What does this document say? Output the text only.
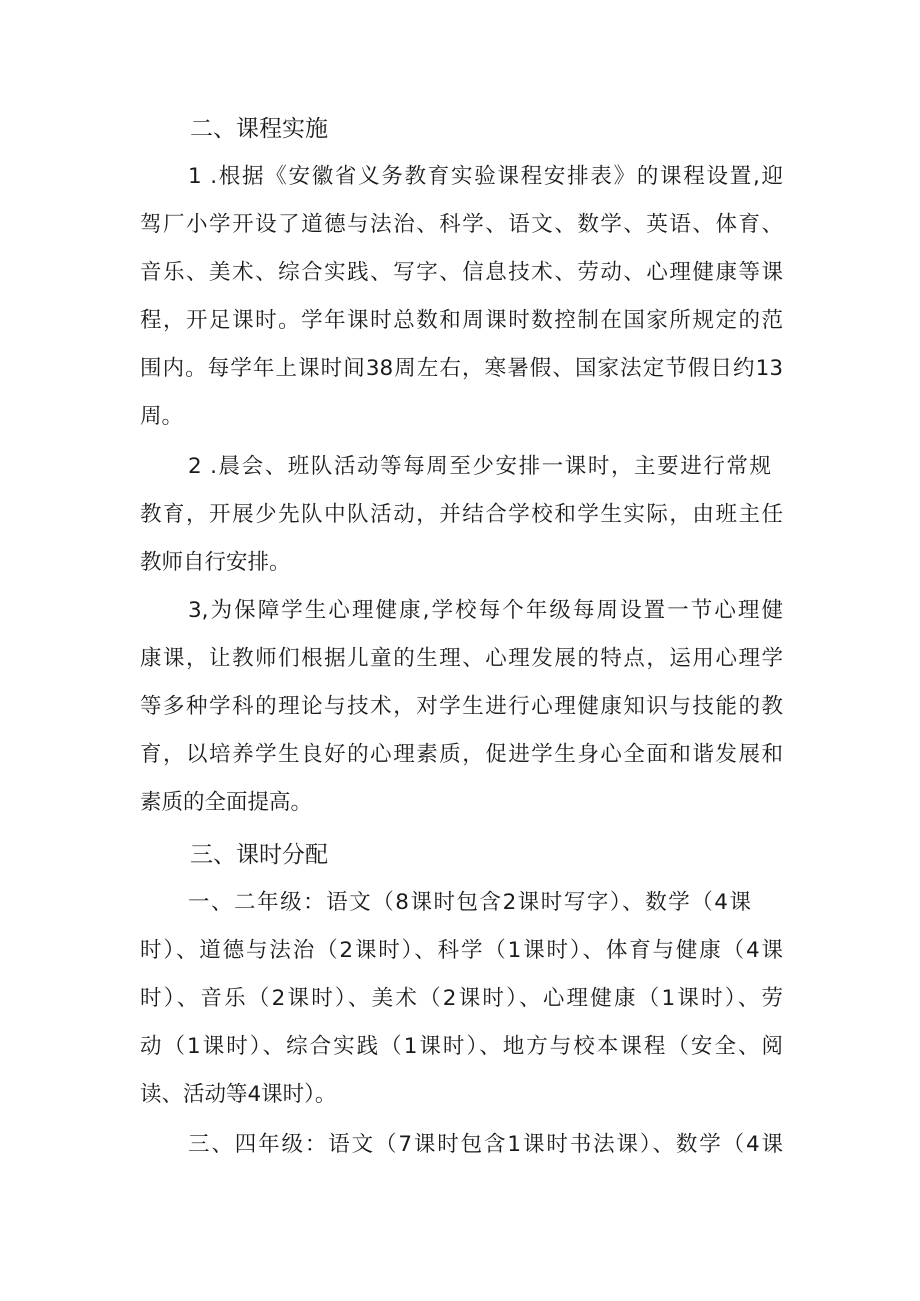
二、课程实施

1 .根据《安徽省义务教育实验课程安排表》的课程设置,迎

驾厂小学开设了道德与法治、科学、语文、数学、英语、体育、

音乐、美术、综合实践、写字、信息技术、劳动、心理健康等课

程，开足课时。学年课时总数和周课时数控制在国家所规定的范

围内。每学年上课时间38周左右，寒暑假、国家法定节假日约13

周。

2 .晨会、班队活动等每周至少安排一课时，主要进行常规

教育，开展少先队中队活动，并结合学校和学生实际，由班主任

教师自行安排。

3,为保障学生心理健康,学校每个年级每周设置一节心理健

康课，让教师们根据儿童的生理、心理发展的特点，运用心理学

等多种学科的理论与技术，对学生进行心理健康知识与技能的教

育，以培养学生良好的心理素质，促进学生身心全面和谐发展和

素质的全面提高。

三、课时分配

一、二年级：语文（8课时包含2课时写字）、数学（4课

时）、道德与法治（2课时）、科学（1课时）、体育与健康（4课

时）、音乐（2课时）、美术（2课时）、心理健康（1课时）、劳

动（1课时）、综合实践（1课时）、地方与校本课程（安全、阅

读、活动等4课时）。

三、四年级：语文（7课时包含1课时书法课）、数学（4课
